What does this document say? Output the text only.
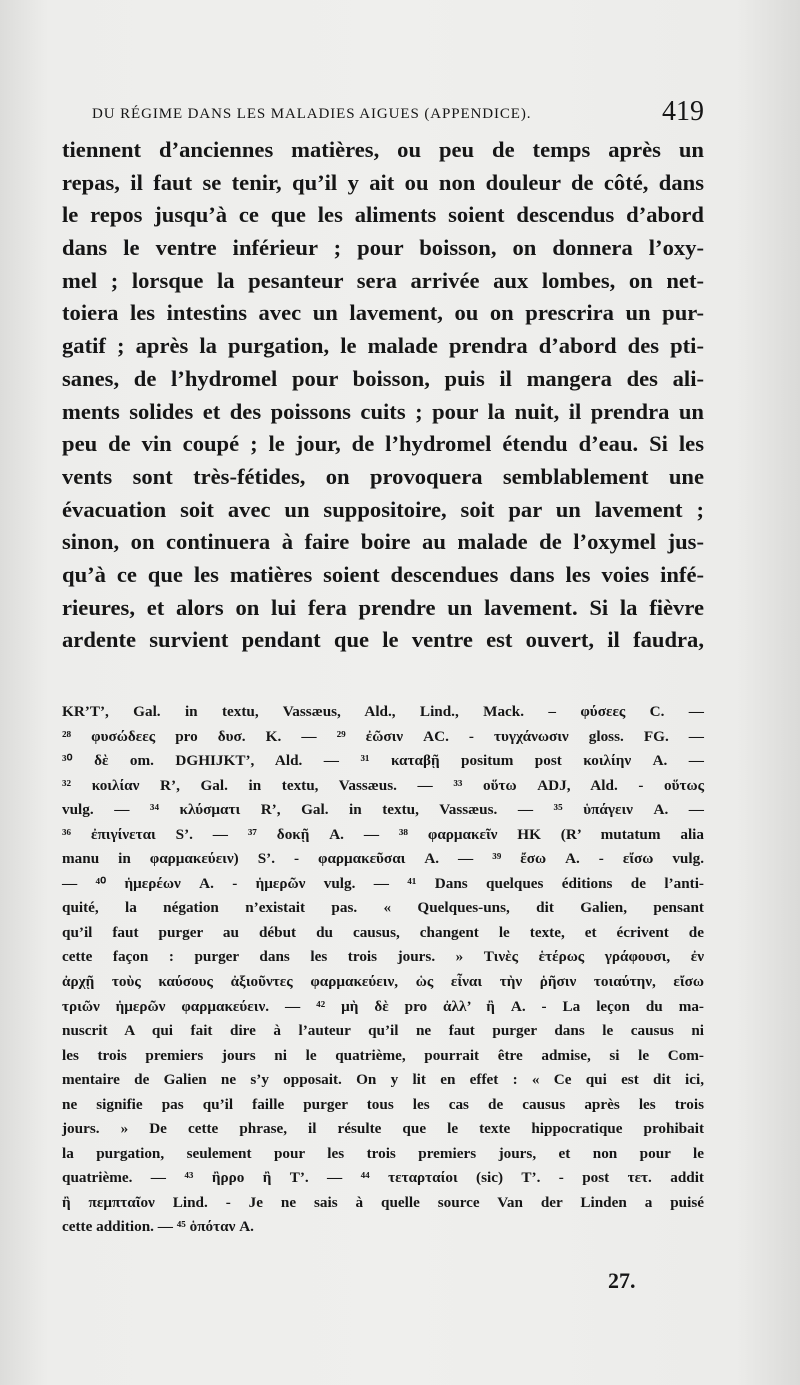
DU RÉGIME DANS LES MALADIES AIGUES (APPENDICE).	419
tiennent d’anciennes matières, ou peu de temps après un
repas, il faut se tenir, qu’il y ait ou non douleur de côté, dans
le repos jusqu’à ce que les aliments soient descendus d’abord
dans le ventre inférieur ; pour boisson, on donnera l’oxy-
mel ; lorsque la pesanteur sera arrivée aux lombes, on net-
toiera les intestins avec un lavement, ou on prescrira un pur-
gatif ; après la purgation, le malade prendra d’abord des pti-
sanes, de l’hydromel pour boisson, puis il mangera des ali-
ments solides et des poissons cuits ; pour la nuit, il prendra un
peu de vin coupé ; le jour, de l’hydromel étendu d’eau. Si les
vents sont très-fétides, on provoquera semblablement une
évacuation soit avec un suppositoire, soit par un lavement ;
sinon, on continuera à faire boire au malade de l’oxymel jus-
qu’à ce que les matières soient descendues dans les voies infé-
rieures, et alors on lui fera prendre un lavement. Si la fièvre
ardente survient pendant que le ventre est ouvert, il faudra,
KR’T’, Gal. in textu, Vassæus, Ald., Lind., Mack. – φύσεες C. —
²⁸ φυσώδεες pro δυσ. K. — ²⁹ ἐῶσιν AC. - τυγχάνωσιν gloss. FG. —
³⁰ δὲ om. DGHIJKT’, Ald. — ³¹ καταβῇ positum post κοιλίην A. —
³² κοιλίαν R’, Gal. in textu, Vassæus. — ³³ οὕτω ADJ, Ald. - οὕτως
vulg. — ³⁴ κλύσματι R’, Gal. in textu, Vassæus. — ³⁵ ὑπάγειν A. —
³⁶ ἐπιγίνεται S’. — ³⁷ δοκῇ A. — ³⁸ φαρμακεῖν HK (R’ mutatum alia
manu in φαρμακεύειν) S’. - φαρμακεῦσαι A. — ³⁹ ἔσω A. - εἴσω vulg.
— ⁴⁰ ἡμερέων A. - ἡμερῶν vulg. — ⁴¹ Dans quelques éditions de l’anti-
quité, la négation n’existait pas. « Quelques-uns, dit Galien, pensant
qu’il faut purger au début du causus, changent le texte, et écrivent de
cette façon : purger dans les trois jours. » Τινὲς ἑτέρως γράφουσι, ἐν
ἀρχῇ τοὺς καύσους ἀξιοῦντες φαρμακεύειν, ὡς εἶναι τὴν ῥῆσιν τοιαύτην, εἴσω
τριῶν ἡμερῶν φαρμακεύειν. — ⁴² μὴ δὲ pro ἀλλ’ ἢ A. - La leçon du ma-
nuscrit A qui fait dire à l’auteur qu’il ne faut purger dans le causus ni
les trois premiers jours ni le quatrième, pourrait être admise, si le Com-
mentaire de Galien ne s’y opposait. On y lit en effet : « Ce qui est dit ici,
ne signifie pas qu’il faille purger tous les cas de causus après les trois
jours. » De cette phrase, il résulte que le texte hippocratique prohibait
la purgation, seulement pour les trois premiers jours, et non pour le
quatrième. — ⁴³ ἢρρο ἢ T’. — ⁴⁴ τεταρταίοι (sic) T’. - post τετ. addit
ἢ πεμπταῖον Lind. - Je ne sais à quelle source Van der Linden a puisé
cette addition. — ⁴⁵ ὁπόταν A.
27.
